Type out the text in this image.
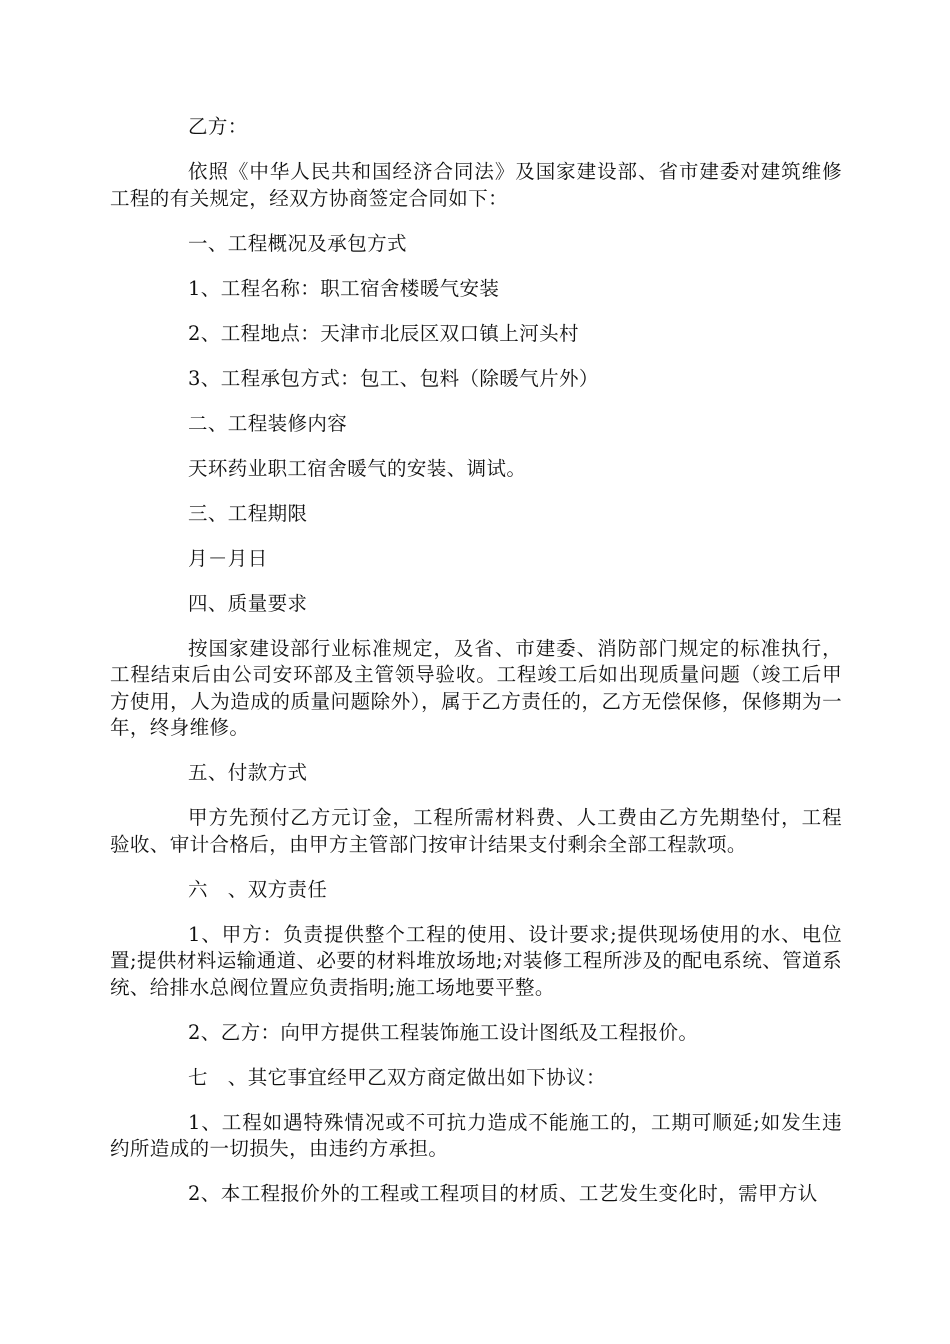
乙方：

依照《中华人民共和国经济合同法》及国家建设部、省市建委对建筑维修工程的有关规定，经双方协商签定合同如下：

一、工程概况及承包方式

1、工程名称：职工宿舍楼暖气安装

2、工程地点：天津市北辰区双口镇上河头村

3、工程承包方式：包工、包料（除暖气片外）

二、工程装修内容

天环药业职工宿舍暖气的安装、调试。

三、工程期限

月－月日

四、质量要求

按国家建设部行业标准规定，及省、市建委、消防部门规定的标准执行，工程结束后由公司安环部及主管领导验收。工程竣工后如出现质量问题（竣工后甲方使用，人为造成的质量问题除外），属于乙方责任的，乙方无偿保修，保修期为一年，终身维修。

五、付款方式

甲方先预付乙方元订金，工程所需材料费、人工费由乙方先期垫付，工程验收、审计合格后，由甲方主管部门按审计结果支付剩余全部工程款项。

六　、双方责任

1、甲方：负责提供整个工程的使用、设计要求;提供现场使用的水、电位置;提供材料运输通道、必要的材料堆放场地;对装修工程所涉及的配电系统、管道系统、给排水总阀位置应负责指明;施工场地要平整。

2、乙方：向甲方提供工程装饰施工设计图纸及工程报价。

七　、其它事宜经甲乙双方商定做出如下协议：

1、工程如遇特殊情况或不可抗力造成不能施工的，工期可顺延;如发生违约所造成的一切损失，由违约方承担。

2、本工程报价外的工程或工程项目的材质、工艺发生变化时，需甲方认
